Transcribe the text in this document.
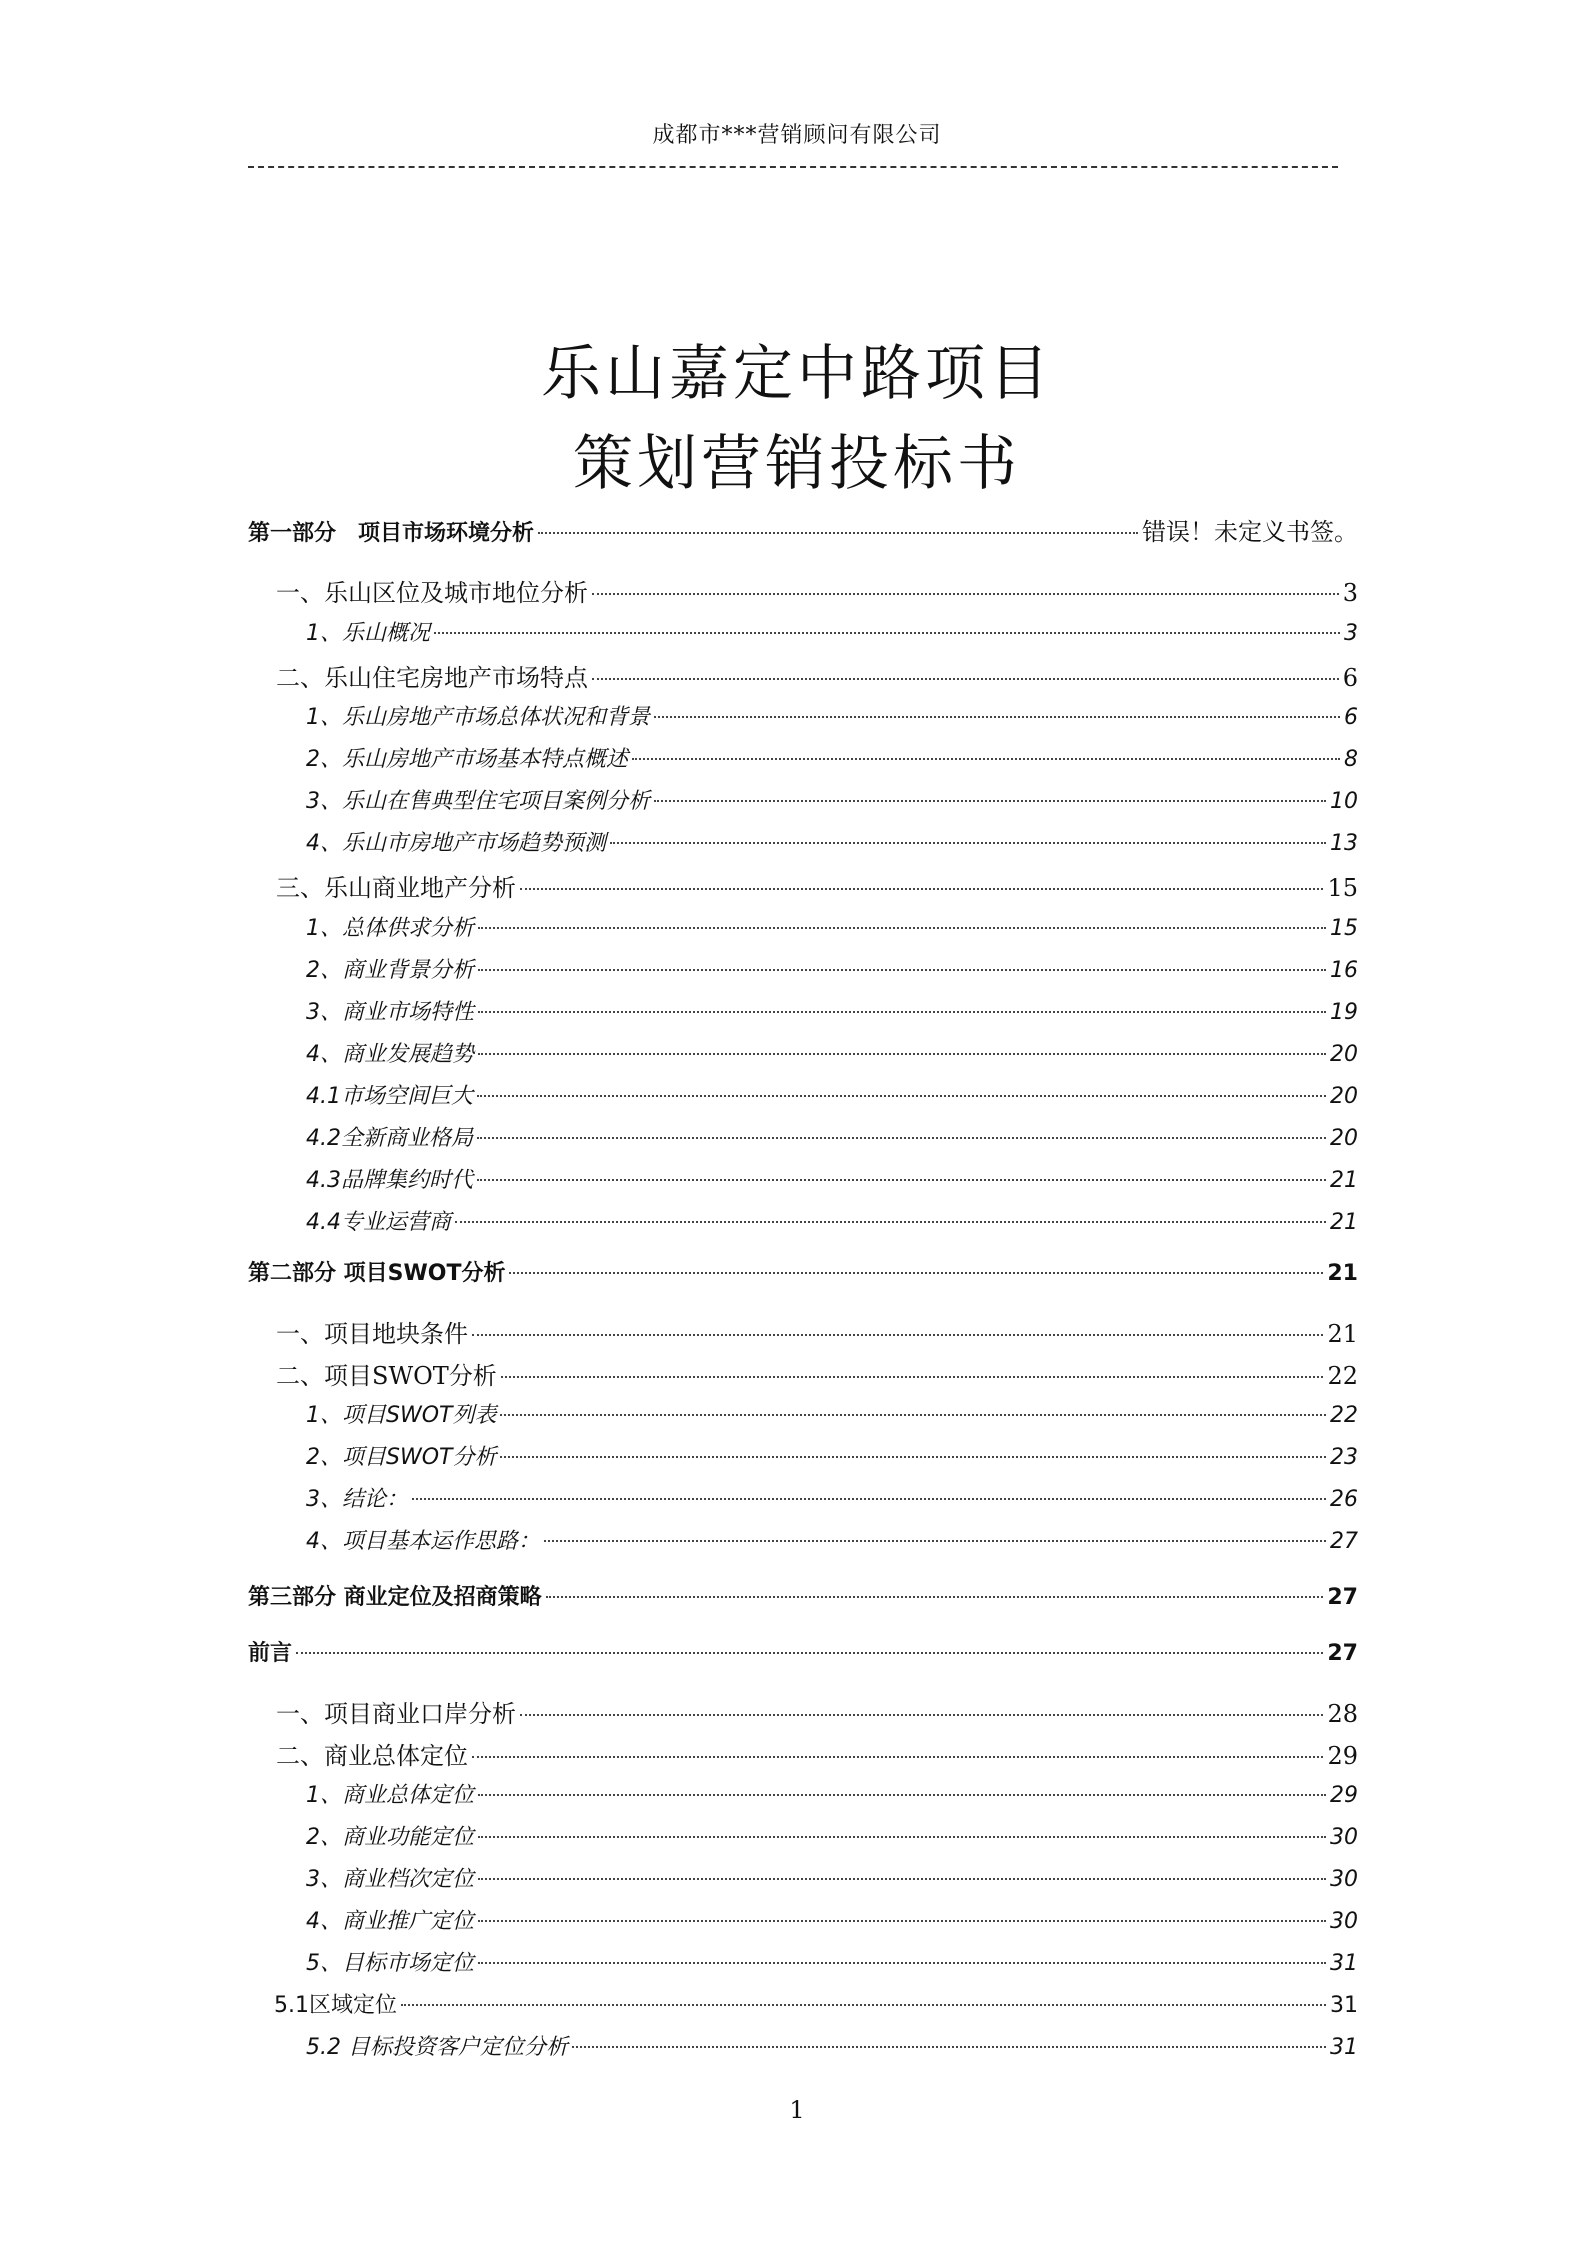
成都市***营销顾问有限公司
乐山嘉定中路项目
策划营销投标书
第一部分　项目市场环境分析	错误！未定义书签。
一、乐山区位及城市地位分析	3
1、乐山概况	3
二、乐山住宅房地产市场特点	6
1、乐山房地产市场总体状况和背景	6
2、乐山房地产市场基本特点概述	8
3、乐山在售典型住宅项目案例分析	10
4、乐山市房地产市场趋势预测	13
三、乐山商业地产分析	15
1、总体供求分析	15
2、商业背景分析	16
3、商业市场特性	19
4、商业发展趋势	20
4.1市场空间巨大	20
4.2全新商业格局	20
4.3品牌集约时代	21
4.4专业运营商	21
第二部分 项目SWOT分析	21
一、项目地块条件	21
二、项目SWOT分析	22
1、项目SWOT列表	22
2、项目SWOT分析	23
3、结论：	26
4、项目基本运作思路：	27
第三部分 商业定位及招商策略	27
前言	27
一、项目商业口岸分析	28
二、商业总体定位	29
1、商业总体定位	29
2、商业功能定位	30
3、商业档次定位	30
4、商业推广定位	30
5、目标市场定位	31
5.1区域定位	31
5.2 目标投资客户定位分析	31
1
